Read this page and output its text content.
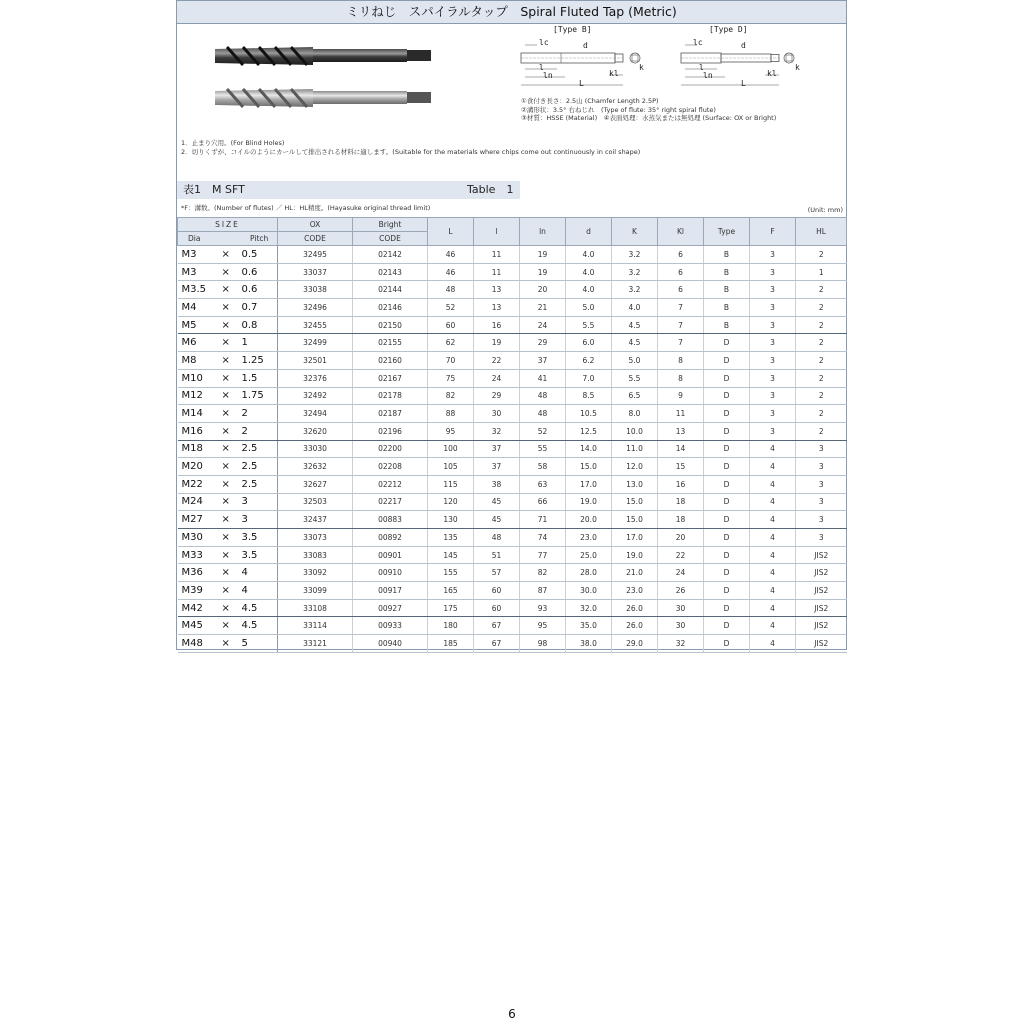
ミリねじ　スパイラルタップ　Spiral Fluted Tap (Metric)
[Type B]
lc	d
l
ln
L
kl
k
[Type D]
lc	d
l
ln
L
kl
k
①食付き長さ：2.5山 (Chamfer Length 2.5P)
②溝形状：3.5° 右ねじれ　(Type of flute: 35° right spiral flute)
③材質：HSSE (Material)　④表面処理：水蒸気または無処理 (Surface: OX or Bright)
1．止まり穴用。(For Blind Holes)
2．切りくずが、コイルのようにカールして排出される材料に適します。(Suitable for the materials where chips come out continuously in coil shape)
表1　M SFT	Table　1
*F：溝数。(Number of flutes) ／ HL：HL精度。(Hayasuke original thread limit)	(Unit: mm)
SIZE	OX	Bright	L	l	ln	d	K	Kl	Type	F	HL
Dia Pitch	CODE	CODE									
M3 × 0.5	32495	02142	46	11	19	4.0	3.2	6	B	3	2
M3 × 0.6	33037	02143	46	11	19	4.0	3.2	6	B	3	1
M3.5 × 0.6	33038	02144	48	13	20	4.0	3.2	6	B	3	2
M4 × 0.7	32496	02146	52	13	21	5.0	4.0	7	B	3	2
M5 × 0.8	32455	02150	60	16	24	5.5	4.5	7	B	3	2
M6 × 1	32499	02155	62	19	29	6.0	4.5	7	D	3	2
M8 × 1.25	32501	02160	70	22	37	6.2	5.0	8	D	3	2
M10 × 1.5	32376	02167	75	24	41	7.0	5.5	8	D	3	2
M12 × 1.75	32492	02178	82	29	48	8.5	6.5	9	D	3	2
M14 × 2	32494	02187	88	30	48	10.5	8.0	11	D	3	2
M16 × 2	32620	02196	95	32	52	12.5	10.0	13	D	3	2
M18 × 2.5	33030	02200	100	37	55	14.0	11.0	14	D	4	3
M20 × 2.5	32632	02208	105	37	58	15.0	12.0	15	D	4	3
M22 × 2.5	32627	02212	115	38	63	17.0	13.0	16	D	4	3
M24 × 3	32503	02217	120	45	66	19.0	15.0	18	D	4	3
M27 × 3	32437	00883	130	45	71	20.0	15.0	18	D	4	3
M30 × 3.5	33073	00892	135	48	74	23.0	17.0	20	D	4	3
M33 × 3.5	33083	00901	145	51	77	25.0	19.0	22	D	4	JIS2
M36 × 4	33092	00910	155	57	82	28.0	21.0	24	D	4	JIS2
M39 × 4	33099	00917	165	60	87	30.0	23.0	26	D	4	JIS2
M42 × 4.5	33108	00927	175	60	93	32.0	26.0	30	D	4	JIS2
M45 × 4.5	33114	00933	180	67	95	35.0	26.0	30	D	4	JIS2
M48 × 5	33121	00940	185	67	98	38.0	29.0	32	D	4	JIS2
6
